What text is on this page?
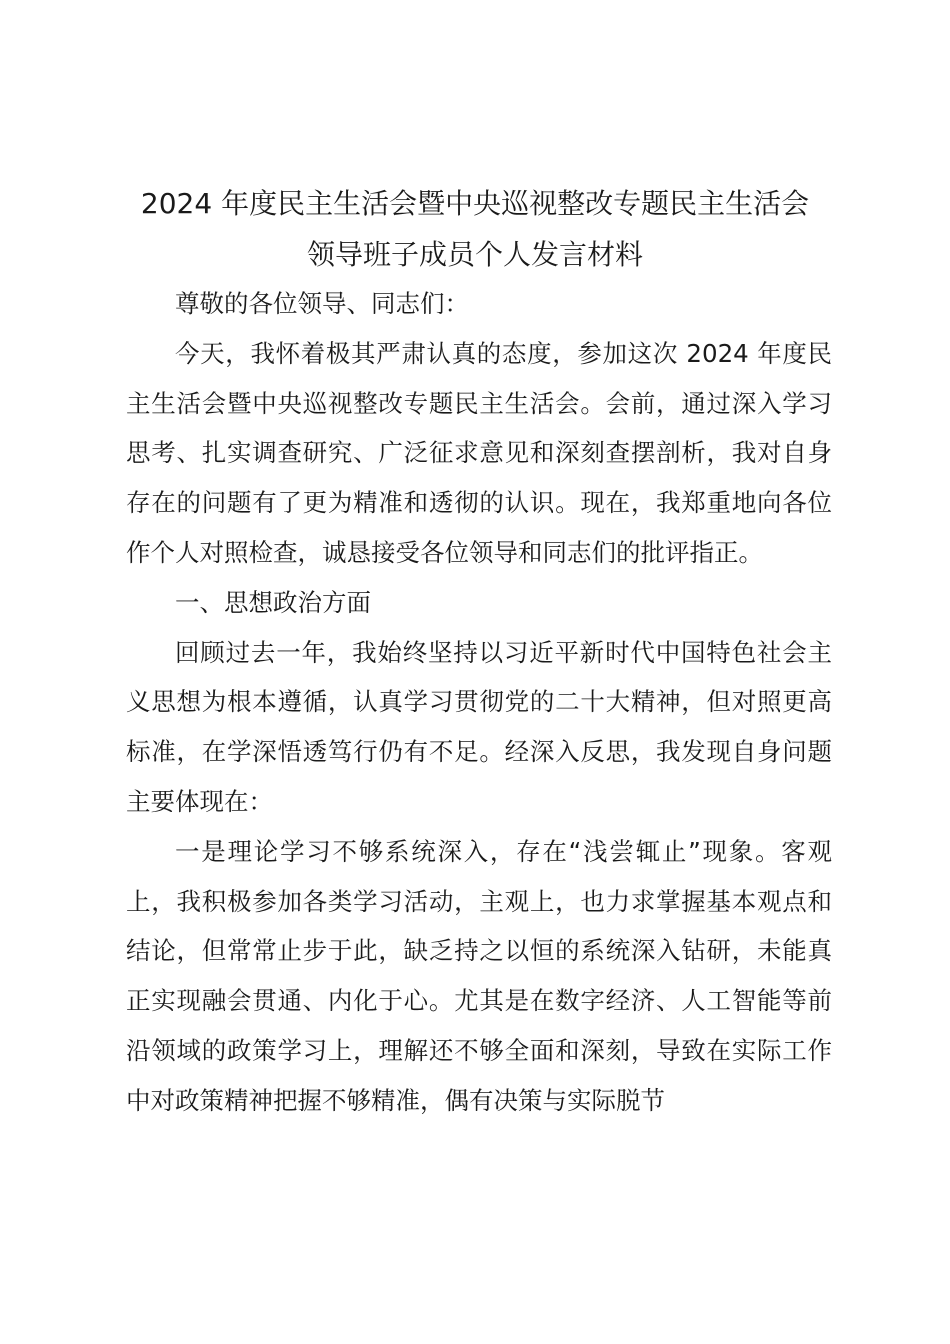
2024 年度民主生活会暨中央巡视整改专题民主生活会
领导班子成员个人发言材料

尊敬的各位领导、同志们：

今天，我怀着极其严肃认真的态度，参加这次 2024 年度民主生活会暨中央巡视整改专题民主生活会。会前，通过深入学习思考、扎实调查研究、广泛征求意见和深刻查摆剖析，我对自身存在的问题有了更为精准和透彻的认识。现在，我郑重地向各位作个人对照检查，诚恳接受各位领导和同志们的批评指正。

一、思想政治方面

回顾过去一年，我始终坚持以习近平新时代中国特色社会主义思想为根本遵循，认真学习贯彻党的二十大精神，但对照更高标准，在学深悟透笃行仍有不足。经深入反思，我发现自身问题主要体现在：

一是理论学习不够系统深入，存在“浅尝辄止”现象。客观上，我积极参加各类学习活动，主观上，也力求掌握基本观点和结论，但常常止步于此，缺乏持之以恒的系统深入钻研，未能真正实现融会贯通、内化于心。尤其是在数字经济、人工智能等前沿领域的政策学习上，理解还不够全面和深刻，导致在实际工作中对政策精神把握不够精准，偶有决策与实际脱节
